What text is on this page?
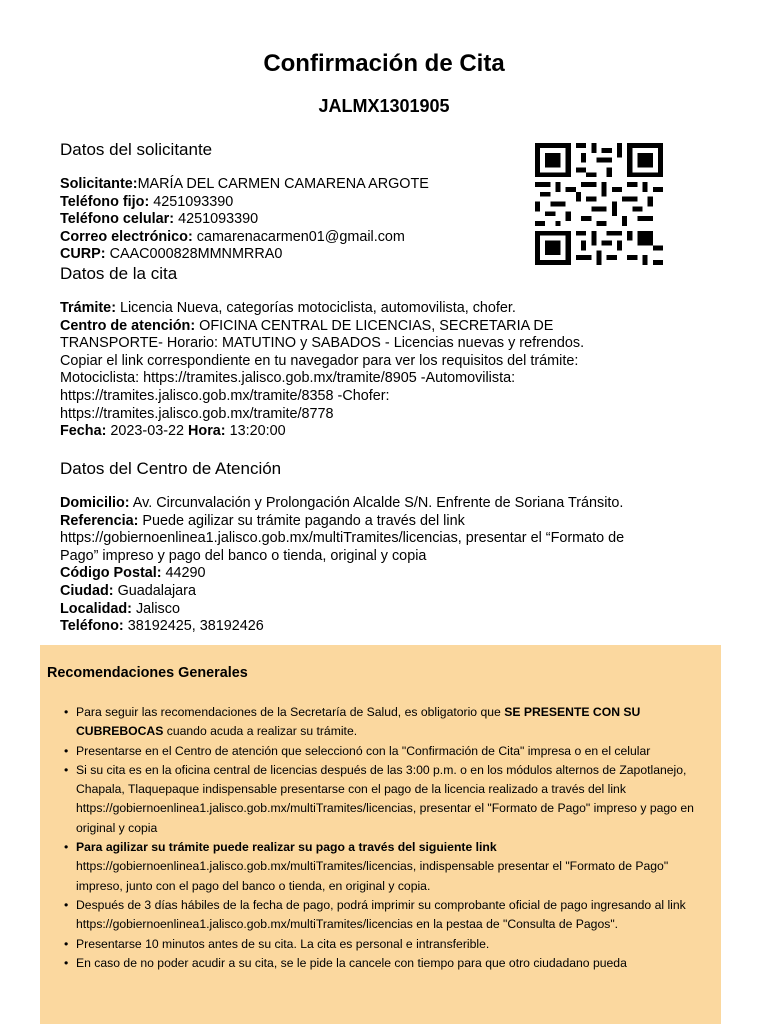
Confirmación de Cita
JALMX1301905
Datos del solicitante
Solicitante:MARÍA DEL CARMEN CAMARENA ARGOTE
Teléfono fijo: 4251093390
Teléfono celular: 4251093390
Correo electrónico: camarenacarmen01@gmail.com
CURP: CAAC000828MMNMRRA0
Datos de la cita
Trámite: Licencia Nueva, categorías motociclista, automovilista, chofer.
Centro de atención: OFICINA CENTRAL DE LICENCIAS, SECRETARIA DE
TRANSPORTE- Horario: MATUTINO y SABADOS - Licencias nuevas y refrendos.
Copiar el link correspondiente en tu navegador para ver los requisitos del trámite:
Motociclista: https://tramites.jalisco.gob.mx/tramite/8905 -Automovilista:
https://tramites.jalisco.gob.mx/tramite/8358 -Chofer:
https://tramites.jalisco.gob.mx/tramite/8778
Fecha: 2023-03-22 Hora: 13:20:00
Datos del Centro de Atención
Domicilio: Av. Circunvalación y Prolongación Alcalde S/N. Enfrente de Soriana Tránsito.
Referencia: Puede agilizar su trámite pagando a través del link
https://gobiernoenlinea1.jalisco.gob.mx/multiTramites/licencias, presentar el “Formato de
Pago” impreso y pago del banco o tienda, original y copia
Código Postal: 44290
Ciudad: Guadalajara
Localidad: Jalisco
Teléfono: 38192425, 38192426
Recomendaciones Generales
• Para seguir las recomendaciones de la Secretaría de Salud, es obligatorio que SE PRESENTE CON SU CUBREBOCAS cuando acuda a realizar su trámite.
• Presentarse en el Centro de atención que seleccionó con la "Confirmación de Cita" impresa o en el celular
• Si su cita es en la oficina central de licencias después de las 3:00 p.m. o en los módulos alternos de Zapotlanejo, Chapala, Tlaquepaque indispensable presentarse con el pago de la licencia realizado a través del link https://gobiernoenlinea1.jalisco.gob.mx/multiTramites/licencias, presentar el "Formato de Pago" impreso y pago en original y copia
• Para agilizar su trámite puede realizar su pago a través del siguiente link https://gobiernoenlinea1.jalisco.gob.mx/multiTramites/licencias, indispensable presentar el "Formato de Pago" impreso, junto con el pago del banco o tienda, en original y copia.
• Después de 3 días hábiles de la fecha de pago, podrá imprimir su comprobante oficial de pago ingresando al link https://gobiernoenlinea1.jalisco.gob.mx/multiTramites/licencias en la pestaa de "Consulta de Pagos".
• Presentarse 10 minutos antes de su cita. La cita es personal e intransferible.
• En caso de no poder acudir a su cita, se le pide la cancele con tiempo para que otro ciudadano pueda
